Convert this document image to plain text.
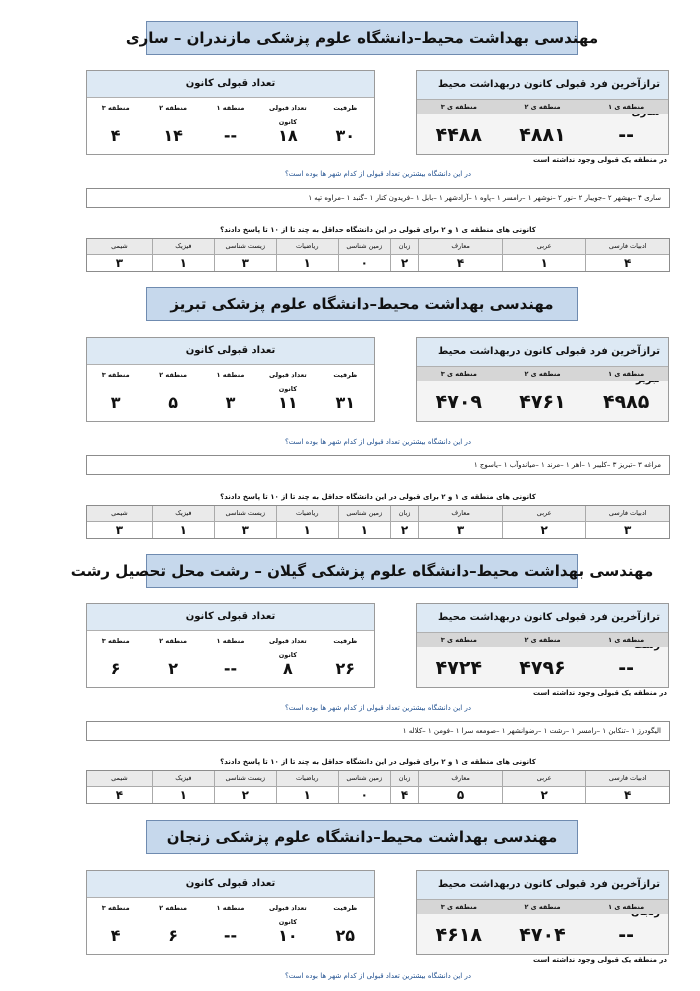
مهندسی بهداشت محیط–دانشگاه علوم پزشکی مازندران – ساری
تعداد قبولی کانون
ظرفیت
تعداد قبولی کانون
منطقه ۱
منطقه ۲
منطقه ۳
۳۰
۱۸
--
۱۴
۴
ترازآخرین فرد قبولی کانون دربهداشت محیط
منطقه ی ۱
منطقه ی ۲
منطقه ی ۳
--
۴۸۸۱
۴۴۸۸
در منطقه یک قبولی وجود نداشته است
در این دانشگاه بیشترین تعداد قبولی از کدام شهر ها بوده است؟
ساری ۴ –بهشهر ۲ –جویبار ۲ –نور ۲ –نوشهر ۱ –رامسر ۱ –پاوه ۱ –آرادشهر ۱ –بابل ۱ –فریدون کنار ۱ –گنبد ۱ –مراوه تپه ۱
کانونی های منطقه ی ۱ و ۲ برای قبولی در این دانشگاه حداقل به چند تا از ۱۰ تا پاسخ دادند؟
ادبیات فارسی
۴
عربی
۱
معارف
۴
زبان
۲
زمین شناسی
۰
ریاضیات
۱
زیست شناسی
۳
فیزیک
۱
شیمی
۳
مهندسی بهداشت محیط–دانشگاه علوم پزشکی تبریز
تعداد قبولی کانون
ظرفیت
تعداد قبولی کانون
منطقه ۱
منطقه ۲
منطقه ۳
۳۱
۱۱
۳
۵
۳
ترازآخرین فرد قبولی کانون دربهداشت محیط
منطقه ی ۱
منطقه ی ۲
منطقه ی ۳
۴۹۸۵
۴۷۶۱
۴۷۰۹
در این دانشگاه بیشترین تعداد قبولی از کدام شهر ها بوده است؟
مراغه ۳ –تبریز ۳ –کلیبر ۱ –اهر ۱ –مرند ۱ –میاندوآب ۱ –یاسوج ۱
کانونی های منطقه ی ۱ و ۲ برای قبولی در این دانشگاه حداقل به چند تا از ۱۰ تا پاسخ دادند؟
ادبیات فارسی
۳
عربی
۲
معارف
۳
زبان
۲
زمین شناسی
۱
ریاضیات
۱
زیست شناسی
۳
فیزیک
۱
شیمی
۳
مهندسی بهداشت محیط–دانشگاه علوم پزشکی گیلان – رشت محل تحصیل رشت
تعداد قبولی کانون
ظرفیت
تعداد قبولی کانون
منطقه ۱
منطقه ۲
منطقه ۳
۲۶
۸
--
۲
۶
ترازآخرین فرد قبولی کانون دربهداشت محیط
منطقه ی ۱
منطقه ی ۲
منطقه ی ۳
--
۴۷۹۶
۴۷۲۴
در منطقه یک قبولی وجود نداشته است
در این دانشگاه بیشترین تعداد قبولی از کدام شهر ها بوده است؟
الیگودرز ۱ –تنکابن ۱ –رامسر ۱ –رشت ۱ –رضوانشهر ۱ –صومعه سرا ۱ –فومن ۱ –کلاله ۱
کانونی های منطقه ی ۱ و ۲ برای قبولی در این دانشگاه حداقل به چند تا از ۱۰ تا پاسخ دادند؟
ادبیات فارسی
۴
عربی
۲
معارف
۵
زبان
۴
زمین شناسی
۰
ریاضیات
۱
زیست شناسی
۲
فیزیک
۱
شیمی
۴
مهندسی بهداشت محیط–دانشگاه علوم پزشکی زنجان
تعداد قبولی کانون
ظرفیت
تعداد قبولی کانون
منطقه ۱
منطقه ۲
منطقه ۳
۲۵
۱۰
--
۶
۴
ترازآخرین فرد قبولی کانون دربهداشت محیط
منطقه ی ۱
منطقه ی ۲
منطقه ی ۳
--
۴۷۰۴
۴۶۱۸
در منطقه یک قبولی وجود نداشته است
در این دانشگاه بیشترین تعداد قبولی از کدام شهر ها بوده است؟
